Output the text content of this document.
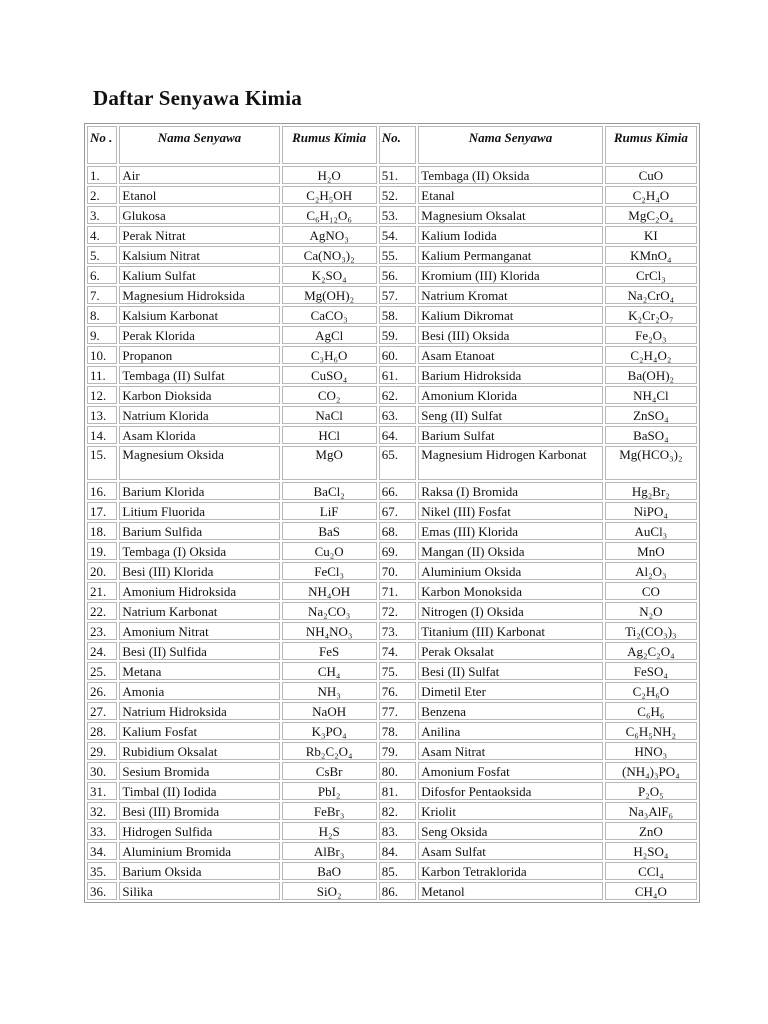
Daftar Senyawa Kimia
No .	Nama Senyawa	Rumus Kimia	No.	Nama Senyawa	Rumus Kimia
1.	Air	H₂O	51.	Tembaga (II) Oksida	CuO
2.	Etanol	C₂H₅OH	52.	Etanal	C₂H₄O
3.	Glukosa	C₆H₁₂O₆	53.	Magnesium Oksalat	MgC₂O₄
4.	Perak Nitrat	AgNO₃	54.	Kalium Iodida	KI
5.	Kalsium Nitrat	Ca(NO₃)₂	55.	Kalium Permanganat	KMnO₄
6.	Kalium Sulfat	K₂SO₄	56.	Kromium (III) Klorida	CrCl₃
7.	Magnesium Hidroksida	Mg(OH)₂	57.	Natrium Kromat	Na₂CrO₄
8.	Kalsium Karbonat	CaCO₃	58.	Kalium Dikromat	K₂Cr₂O₇
9.	Perak Klorida	AgCl	59.	Besi (III) Oksida	Fe₂O₃
10.	Propanon	C₃H₆O	60.	Asam Etanoat	C₂H₄O₂
11.	Tembaga (II) Sulfat	CuSO₄	61.	Barium Hidroksida	Ba(OH)₂
12.	Karbon Dioksida	CO₂	62.	Amonium Klorida	NH₄Cl
13.	Natrium Klorida	NaCl	63.	Seng (II) Sulfat	ZnSO₄
14.	Asam Klorida	HCl	64.	Barium Sulfat	BaSO₄
15.	Magnesium Oksida	MgO	65.	Magnesium Hidrogen Karbonat	Mg(HCO₃)₂
16.	Barium Klorida	BaCl₂	66.	Raksa (I) Bromida	Hg₂Br₂
17.	Litium Fluorida	LiF	67.	Nikel (III) Fosfat	NiPO₄
18.	Barium Sulfida	BaS	68.	Emas (III) Klorida	AuCl₃
19.	Tembaga (I) Oksida	Cu₂O	69.	Mangan (II) Oksida	MnO
20.	Besi (III) Klorida	FeCl₃	70.	Aluminium Oksida	Al₂O₃
21.	Amonium Hidroksida	NH₄OH	71.	Karbon Monoksida	CO
22.	Natrium Karbonat	Na₂CO₃	72.	Nitrogen (I) Oksida	N₂O
23.	Amonium Nitrat	NH₄NO₃	73.	Titanium (III) Karbonat	Ti₂(CO₃)₃
24.	Besi (II) Sulfida	FeS	74.	Perak Oksalat	Ag₂C₂O₄
25.	Metana	CH₄	75.	Besi (II) Sulfat	FeSO₄
26.	Amonia	NH₃	76.	Dimetil Eter	C₂H₆O
27.	Natrium Hidroksida	NaOH	77.	Benzena	C₆H₆
28.	Kalium Fosfat	K₃PO₄	78.	Anilina	C₆H₅NH₂
29.	Rubidium Oksalat	Rb₂C₂O₄	79.	Asam Nitrat	HNO₃
30.	Sesium Bromida	CsBr	80.	Amonium Fosfat	(NH₄)₃PO₄
31.	Timbal (II) Iodida	PbI₂	81.	Difosfor Pentaoksida	P₂O₅
32.	Besi (III) Bromida	FeBr₃	82.	Kriolit	Na₃AlF₆
33.	Hidrogen Sulfida	H₂S	83.	Seng Oksida	ZnO
34.	Aluminium Bromida	AlBr₃	84.	Asam Sulfat	H₂SO₄
35.	Barium Oksida	BaO	85.	Karbon Tetraklorida	CCl₄
36.	Silika	SiO₂	86.	Metanol	CH₄O
